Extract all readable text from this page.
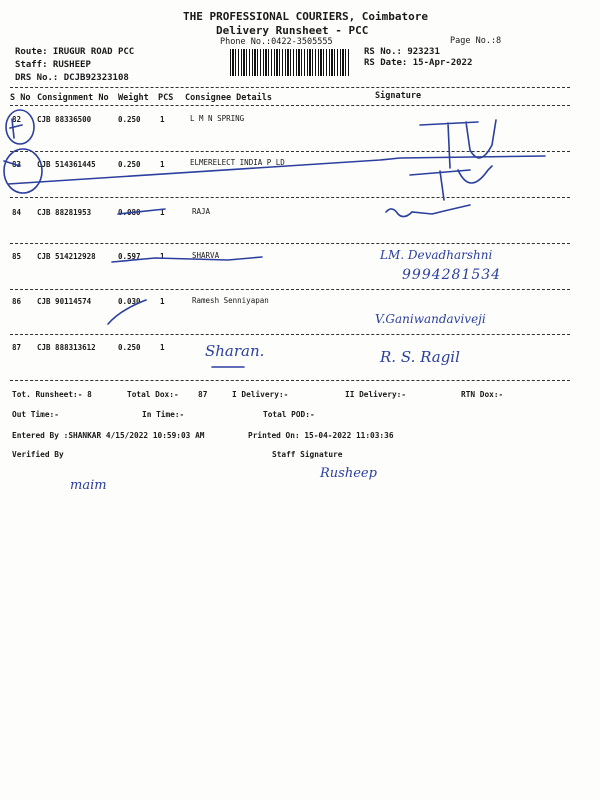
THE PROFESSIONAL COURIERS, Coimbatore
Delivery Runsheet - PCC
Phone No.:0422-3505555	Page No.:8
Route: IRUGUR ROAD PCC
Staff: RUSHEEP
DRS No.: DCJB92323108
RS No.: 923231
RS Date: 15-Apr-2022
S No Consignment No Weight PCS Consignee Details	Signature
82 CJB 88336500	0.250	1	L M N SPRING
83 CJB 514361445	0.250	1	ELMERELECT INDIA P LD
84 CJB 88281953	0.080	1	RAJA
85 CJB 514212928	0.597	1	SHARVA
86 CJB 90114574	0.030	1	Ramesh Senniyapan
87 CJB 888313612	0.250	1	Sharan.
LM. Devadharshni
9994281534
V.Ganiwandaviveji
R. S. Ragil
maim
Rusheep
Tot. Runsheet:- 8	Total Dox:- 87	I Delivery:-	II Delivery:-	RTN Dox:-
Out Time:-	In Time:-	Total POD:-
Entered By :SHANKAR 4/15/2022 10:59:03 AM	Printed On: 15-04-2022 11:03:36
Verified By	Staff Signature
